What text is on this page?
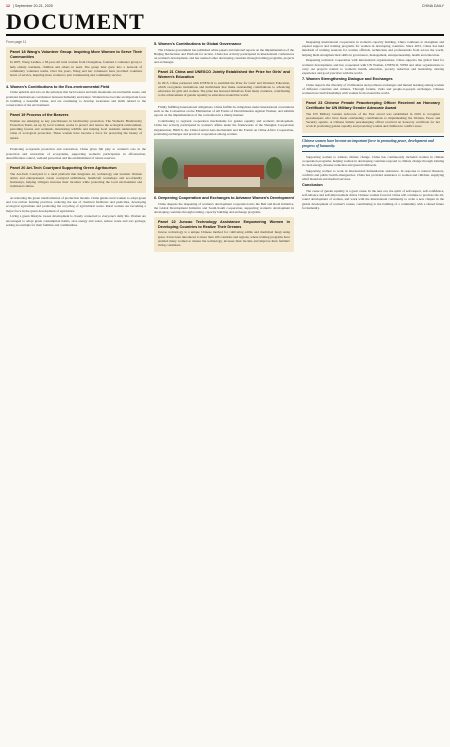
12 | September 20-21, 2025	CHINA DAILY
DOCUMENT
From page 11
Panel 18 Wang's Volunteer Group: Inspiring More Women to Serve Their Communities

In 2007, Wang Lanhua, a 58-year-old rural woman from Changzhou, founded a volunteer group to help elderly residents, children and others in need. The group later grew into a network of community volunteer teams. Over the years, Wang and her volunteers have provided countless hours of service, inspiring more women to join volunteering and community service.

4. Women's Contributions to the Eco-environmental Field

China upholds and acts on the principle that lucid waters and lush mountains are invaluable assets, and promotes harmonious coexistence between humanity and nature. Women have become an important force in building a beautiful China, and are continuing to develop awareness and skills related to the conservation of the environment.

Panel 19 Process of the Beavers

Women are emerging as key practitioners in biodiversity protection. The Women's Biodiversity Protection Team, set up by local women, works to protect and restore the ecological environment, patrolling forests and wetlands, monitoring wildlife and helping local residents understand the value of ecological protection. These women have become a force for protecting the beauty of nature.

Promoting ecosystem protection and restoration. China gives full play to women's role in the protection and restoration of ecosystems, supporting women's participation in afforestation, desertification control, wetland protection and the establishment of nature reserves.

Panel 20 Art-Tech Courtyard Supporting Green Agritourism

The Art-Tech Courtyard is a rural platform that integrates art, technology and tourism. Women artists and entrepreneurs create courtyard exhibitions, handicraft workshops and eco-friendly homestays, helping villagers increase their incomes while protecting the local environment and traditional culture.

Accelerating the green transformation of production models. China guides rural women to adopt green and low-carbon farming practices, reducing the use of chemical fertilizers and pesticides, developing ecological agriculture and promoting the recycling of agricultural waste. Rural women are becoming a major force in the green development of agriculture.

Living a green lifestyle. Green development is closely connected to everyone's daily life. Women are encouraged to adopt green consumption habits, save energy and water, reduce waste and sort garbage, setting an example for their families and communities.

5. Women's Contributions to Global Governance

The Chinese government has published white papers and national reports on the implementation of the Beijing Declaration and Platform for Action. China has actively participated in international conferences on women's development, and has assisted other developing countries through training programs, projects and exchanges.

Panel 21 China and UNESCO Jointly Established the Prize for Girls' and Women's Education

In 2015, China partnered with UNESCO to establish the Prize for Girls' and Women's Education, which recognizes institutions and individuals that make outstanding contributions to advancing education for girls and women. The prize has honored initiatives from many countries, contributing to the achievement of gender equality in education around the world.

Firmly fulfilling international obligations. China fulfills its obligations under international conventions such as the Convention on the Elimination of All Forms of Discrimination Against Women, and submits reports on the implementation of the convention in a timely manner.

Contributing to regional cooperation mechanisms for gender equality and women's development. China has actively participated in women's affairs under the frameworks of the Shanghai Cooperation Organization, BRICS, the China-Central Asia mechanism and the Forum on China-Africa Cooperation, promoting exchanges and practical cooperation among women.

6. Deepening Cooperation and Exchanges to Advance Women's Development

China deepens the deepening of women's development cooperation into the Belt and Road Initiative, the Global Development Initiative and South-South cooperation, supporting women's development in developing countries through training, capacity building and exchange programs.

Panel 22 Juncao Technology Assistance Empowering Women in Developing Countries to Realize Their Dreams

Juncao technology is a unique Chinese method for cultivating edible and medicinal fungi using grass. It has been introduced to more than 100 countries and regions, where training programs have enabled many women to master the technology, increase their income and improve their families' living conditions.

Deepening international cooperation in women's capacity building. China continues to strengthen and expand support and training programs for women in developing countries. Since 2015, China has held hundreds of training sessions for women officials, technicians and professionals from across the world, helping them strengthen their skills in governance, management, entrepreneurship, health and education.

Deepening technical cooperation with international organizations. China supports the global fund for women's development, and has cooperated with UN Women, UNESCO, WHO and other organizations to carry out projects related to women's health, education, poverty reduction and leadership, sharing experience and good practices with the world.

7. Women Strengthening Dialogue and Exchanges

China respects the diversity of civilizations and promotes exchanges and mutual learning among women of different countries and cultures. Through forums, visits and people-to-people exchanges, Chinese women have built friendships with women from around the world.

Panel 23 Chinese Female Peacekeeping Officer Received an Honorary Certificate for UN Military Gender Advocate Award

The UN Military Gender Advocate of the Year award was established in 2016 to recognize peacekeepers who have made outstanding contributions to implementing the Women, Peace and Security agenda. A Chinese female peacekeeping officer received an honorary certificate for her work in promoting gender equality and protecting women and children in conflict areas.

Chinese women have become an important force in promoting peace, development and progress of humanity.

Supporting women to address climate change. China has continuously included women in climate cooperation programs, helping women in developing countries respond to climate change through training in clean energy, disaster reduction and green livelihoods.

Supporting women to work in international humanitarian assistance. In response to natural disasters, conflicts and public health emergencies, China has provided assistance to women and children, supplying relief materials and medical services.

Conclusion

The cause of gender equality is a great cause. In the new era, the spirit of self-respect, self-confidence, self-reliance and self-improvement drives Chinese women forward. China will continue to promote the all-round development of women, and work with the international community to write a new chapter in the global development of women's causes, contributing to the building of a community with a shared future for humanity.
